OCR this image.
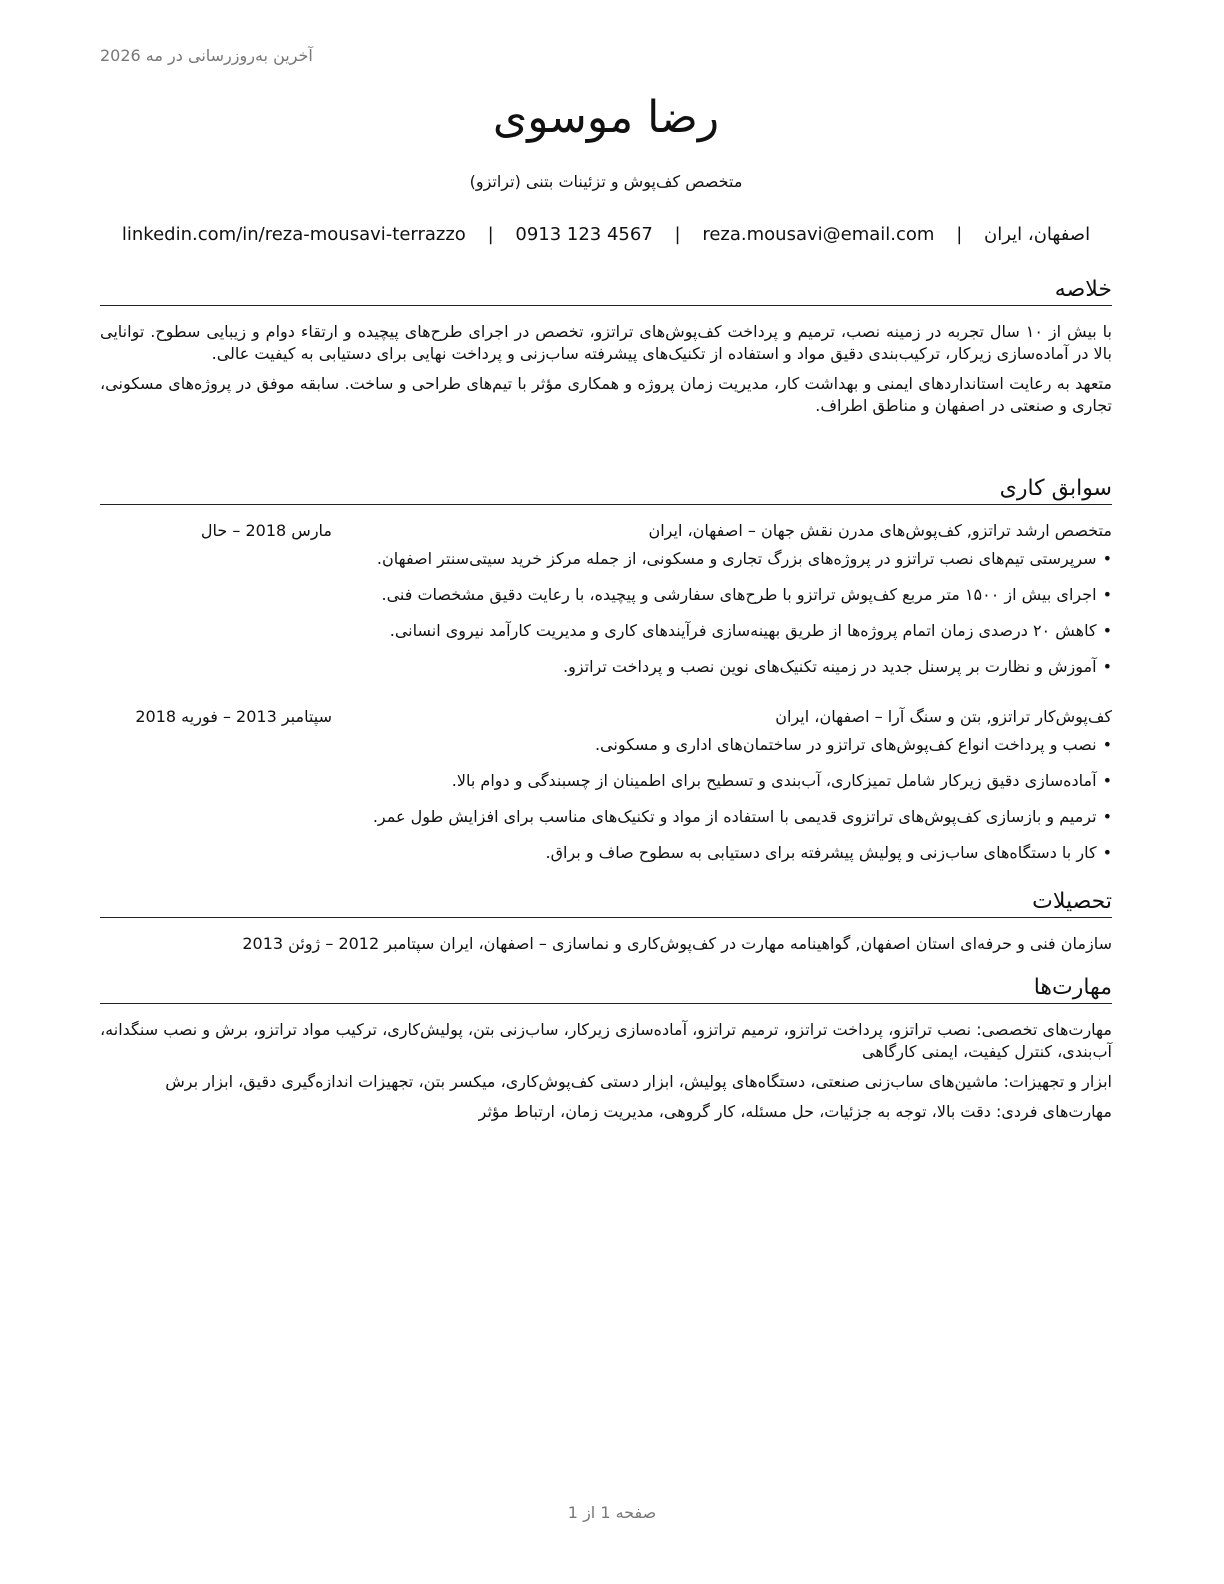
آخرین به‌روزرسانی در مه 2026
رضا موسوی
متخصص کف‌پوش و تزئینات بتنی (تراتزو)
اصفهان، ایران | reza.mousavi@email.com | 0913 123 4567 | linkedin.com/in/reza-mousavi-terrazzo
خلاصه

با بیش از ۱۰ سال تجربه در زمینه نصب، ترمیم و پرداخت کف‌پوش‌های تراتزو، تخصص در اجرای طرح‌های پیچیده و ارتقاء دوام و زیبایی سطوح. توانایی بالا در آماده‌سازی زیرکار، ترکیب‌بندی دقیق مواد و استفاده از تکنیک‌های پیشرفته ساب‌زنی و پرداخت نهایی برای دستیابی به کیفیت عالی.

متعهد به رعایت استانداردهای ایمنی و بهداشت کار، مدیریت زمان پروژه و همکاری مؤثر با تیم‌های طراحی و ساخت. سابقه موفق در پروژه‌های مسکونی، تجاری و صنعتی در اصفهان و مناطق اطراف.

سوابق کاری
متخصص ارشد تراتزو, کف‌پوش‌های مدرن نقش جهان – اصفهان، ایران
مارس 2018 – حال
• سرپرستی تیم‌های نصب تراتزو در پروژه‌های بزرگ تجاری و مسکونی، از جمله مرکز خرید سیتی‌سنتر اصفهان.
• اجرای بیش از ۱۵۰۰ متر مربع کف‌پوش تراتزو با طرح‌های سفارشی و پیچیده، با رعایت دقیق مشخصات فنی.
• کاهش ۲۰ درصدی زمان اتمام پروژه‌ها از طریق بهینه‌سازی فرآیندهای کاری و مدیریت کارآمد نیروی انسانی.
• آموزش و نظارت بر پرسنل جدید در زمینه تکنیک‌های نوین نصب و پرداخت تراتزو.
کف‌پوش‌کار تراتزو, بتن و سنگ آرا – اصفهان، ایران
سپتامبر 2013 – فوریه 2018
• نصب و پرداخت انواع کف‌پوش‌های تراتزو در ساختمان‌های اداری و مسکونی.
• آماده‌سازی دقیق زیرکار شامل تمیزکاری، آب‌بندی و تسطیح برای اطمینان از چسبندگی و دوام بالا.
• ترمیم و بازسازی کف‌پوش‌های تراتزوی قدیمی با استفاده از مواد و تکنیک‌های مناسب برای افزایش طول عمر.
• کار با دستگاه‌های ساب‌زنی و پولیش پیشرفته برای دستیابی به سطوح صاف و براق.
تحصیلات

سازمان فنی و حرفه‌ای استان اصفهان, گواهینامه مهارت در کف‌پوش‌کاری و نماسازی – اصفهان، ایران سپتامبر 2012 – ژوئن 2013

مهارت‌ها

مهارت‌های تخصصی: نصب تراتزو، پرداخت تراتزو، ترمیم تراتزو، آماده‌سازی زیرکار، ساب‌زنی بتن، پولیش‌کاری، ترکیب مواد تراتزو، برش و نصب سنگدانه، آب‌بندی، کنترل کیفیت، ایمنی کارگاهی

ابزار و تجهیزات: ماشین‌های ساب‌زنی صنعتی، دستگاه‌های پولیش، ابزار دستی کف‌پوش‌کاری، میکسر بتن، تجهیزات اندازه‌گیری دقیق، ابزار برش

مهارت‌های فردی: دقت بالا، توجه به جزئیات، حل مسئله، کار گروهی، مدیریت زمان، ارتباط مؤثر

صفحه 1 از 1
